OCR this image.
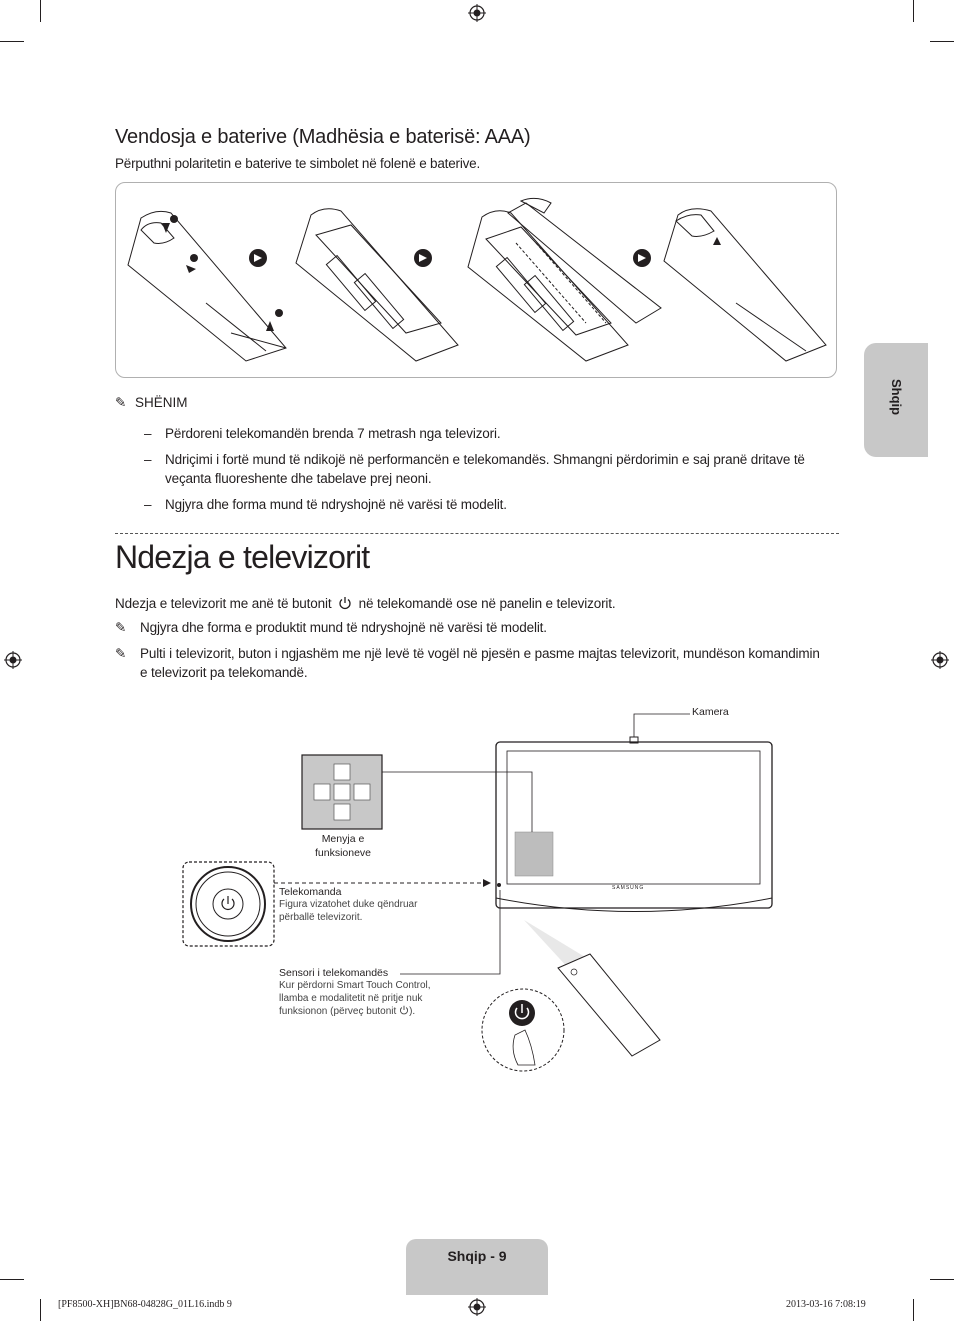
Shqip
Vendosja e baterive (Madhësia e baterisë: AAA)
Përputhni polaritetin e baterive te simbolet në folenë e baterive.
✎ SHËNIM
– Përdoreni telekomandën brenda 7 metrash nga televizori.
– Ndriçimi i fortë mund të ndikojë në performancën e telekomandës. Shmangni përdorimin e saj pranë dritave të veçanta fluoreshente dhe tabelave prej neoni.
– Ngjyra dhe forma mund të ndryshojnë në varësi të modelit.
Ndezja e televizorit
Ndezja e televizorit me anë të butonit në telekomandë ose në panelin e televizorit.
✎ Ngjyra dhe forma e produktit mund të ndryshojnë në varësi të modelit.
✎ Pulti i televizorit, buton i ngjashëm me një levë të vogël në pjesën e pasme majtas televizorit, mundëson komandimin e televizorit pa telekomandë.
Kamera
Menyja e funksioneve
Telekomanda
Figura vizatohet duke qëndruar përballë televizorit.
Sensori i telekomandës
Kur përdorni Smart Touch Control, llamba e modalitetit në pritje nuk funksionon (përveç butonit ).
SAMSUNG
Shqip - 9
[PF8500-XH]BN68-04828G_01L16.indb 9	2013-03-16 7:08:19
